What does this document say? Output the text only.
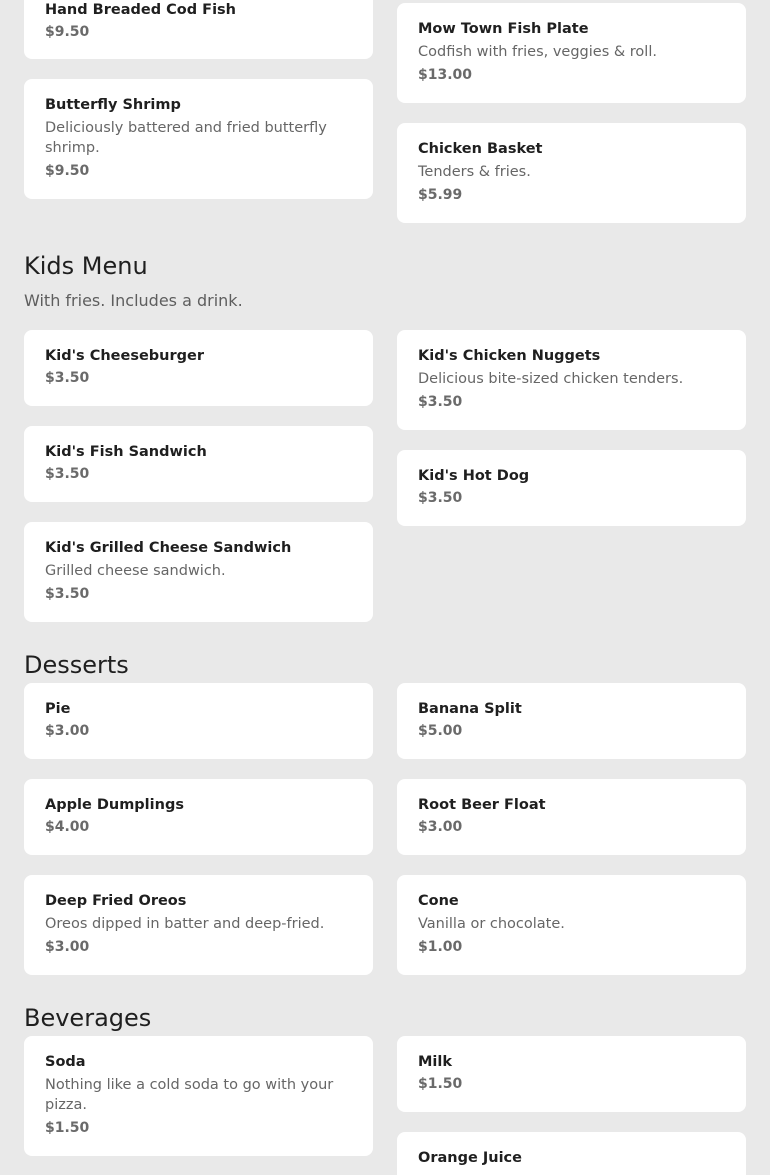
Hand Breaded Cod Fish
$9.50
Butterfly Shrimp
Deliciously battered and fried butterfly
shrimp.
$9.50
Mow Town Fish Plate
Codfish with fries, veggies & roll.
$13.00
Chicken Basket
Tenders & fries.
$5.99
Kids Menu
With fries. Includes a drink.
Kid's Cheeseburger
$3.50
Kid's Fish Sandwich
$3.50
Kid's Grilled Cheese Sandwich
Grilled cheese sandwich.
$3.50
Kid's Chicken Nuggets
Delicious bite-sized chicken tenders.
$3.50
Kid's Hot Dog
$3.50
Desserts
Pie
$3.00
Apple Dumplings
$4.00
Deep Fried Oreos
Oreos dipped in batter and deep-fried.
$3.00
Banana Split
$5.00
Root Beer Float
$3.00
Cone
Vanilla or chocolate.
$1.00
Beverages
Soda
Nothing like a cold soda to go with your
pizza.
$1.50
Milk
$1.50
Orange Juice
